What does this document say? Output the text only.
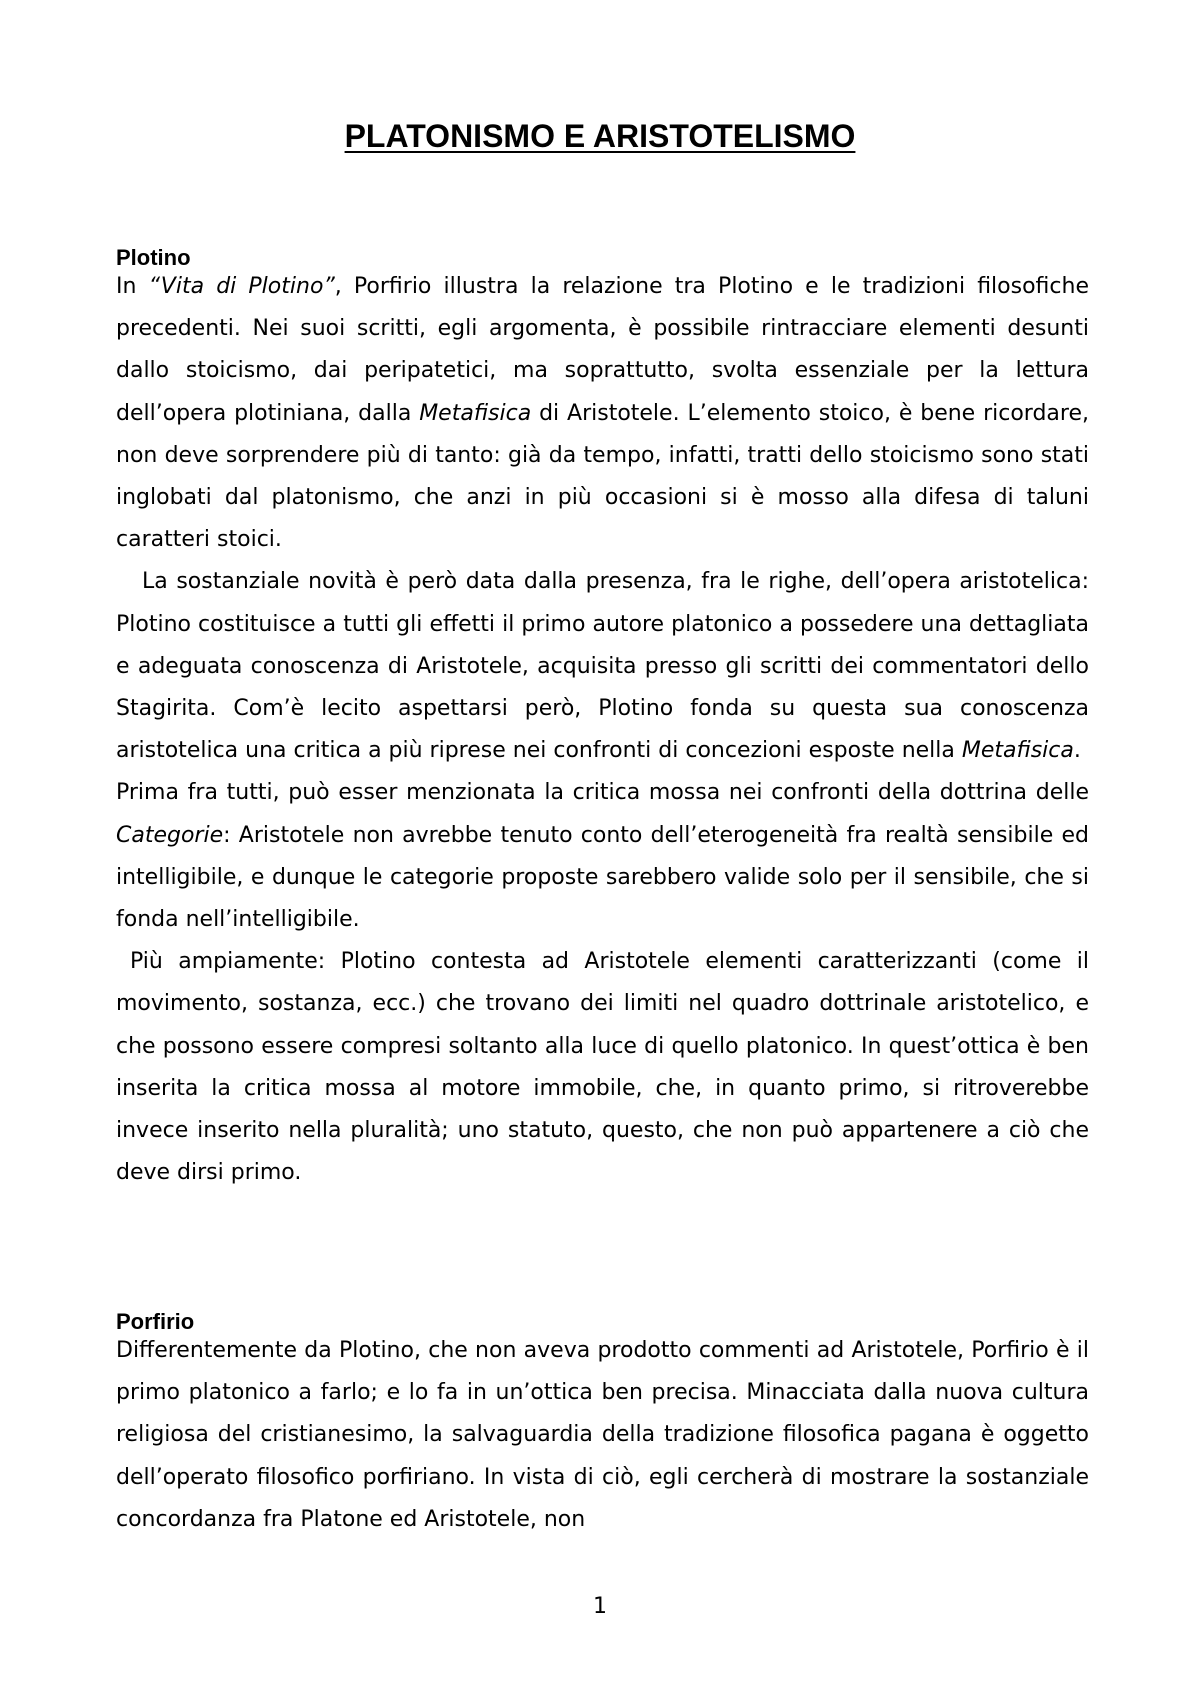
PLATONISMO E ARISTOTELISMO
Plotino

In “Vita di Plotino”, Porfirio illustra la relazione tra Plotino e le tradizioni filosofiche precedenti. Nei suoi scritti, egli argomenta, è possibile rintracciare elementi desunti dallo stoicismo, dai peripatetici, ma soprattutto, svolta essenziale per la lettura dell’opera plotiniana, dalla Metafisica di Aristotele. L’elemento stoico, è bene ricordare, non deve sorprendere più di tanto: già da tempo, infatti, tratti dello stoicismo sono stati inglobati dal platonismo, che anzi in più occasioni si è mosso alla difesa di taluni caratteri stoici.

La sostanziale novità è però data dalla presenza, fra le righe, dell’opera aristotelica: Plotino costituisce a tutti gli effetti il primo autore platonico a possedere una dettagliata e adeguata conoscenza di Aristotele, acquisita presso gli scritti dei commentatori dello Stagirita. Com’è lecito aspettarsi però, Plotino fonda su questa sua conoscenza aristotelica una critica a più riprese nei confronti di concezioni esposte nella Metafisica.

Prima fra tutti, può esser menzionata la critica mossa nei confronti della dottrina delle Categorie: Aristotele non avrebbe tenuto conto dell’eterogeneità fra realtà sensibile ed intelligibile, e dunque le categorie proposte sarebbero valide solo per il sensibile, che si fonda nell’intelligibile.

Più ampiamente: Plotino contesta ad Aristotele elementi caratterizzanti (come il movimento, sostanza, ecc.) che trovano dei limiti nel quadro dottrinale aristotelico, e che possono essere compresi soltanto alla luce di quello platonico. In quest’ottica è ben inserita la critica mossa al motore immobile, che, in quanto primo, si ritroverebbe invece inserito nella pluralità; uno statuto, questo, che non può appartenere a ciò che deve dirsi primo.

Porfirio

Differentemente da Plotino, che non aveva prodotto commenti ad Aristotele, Porfirio è il primo platonico a farlo; e lo fa in un’ottica ben precisa. Minacciata dalla nuova cultura religiosa del cristianesimo, la salvaguardia della tradizione filosofica pagana è oggetto dell’operato filosofico porfiriano. In vista di ciò, egli cercherà di mostrare la sostanziale concordanza fra Platone ed Aristotele, non

1
